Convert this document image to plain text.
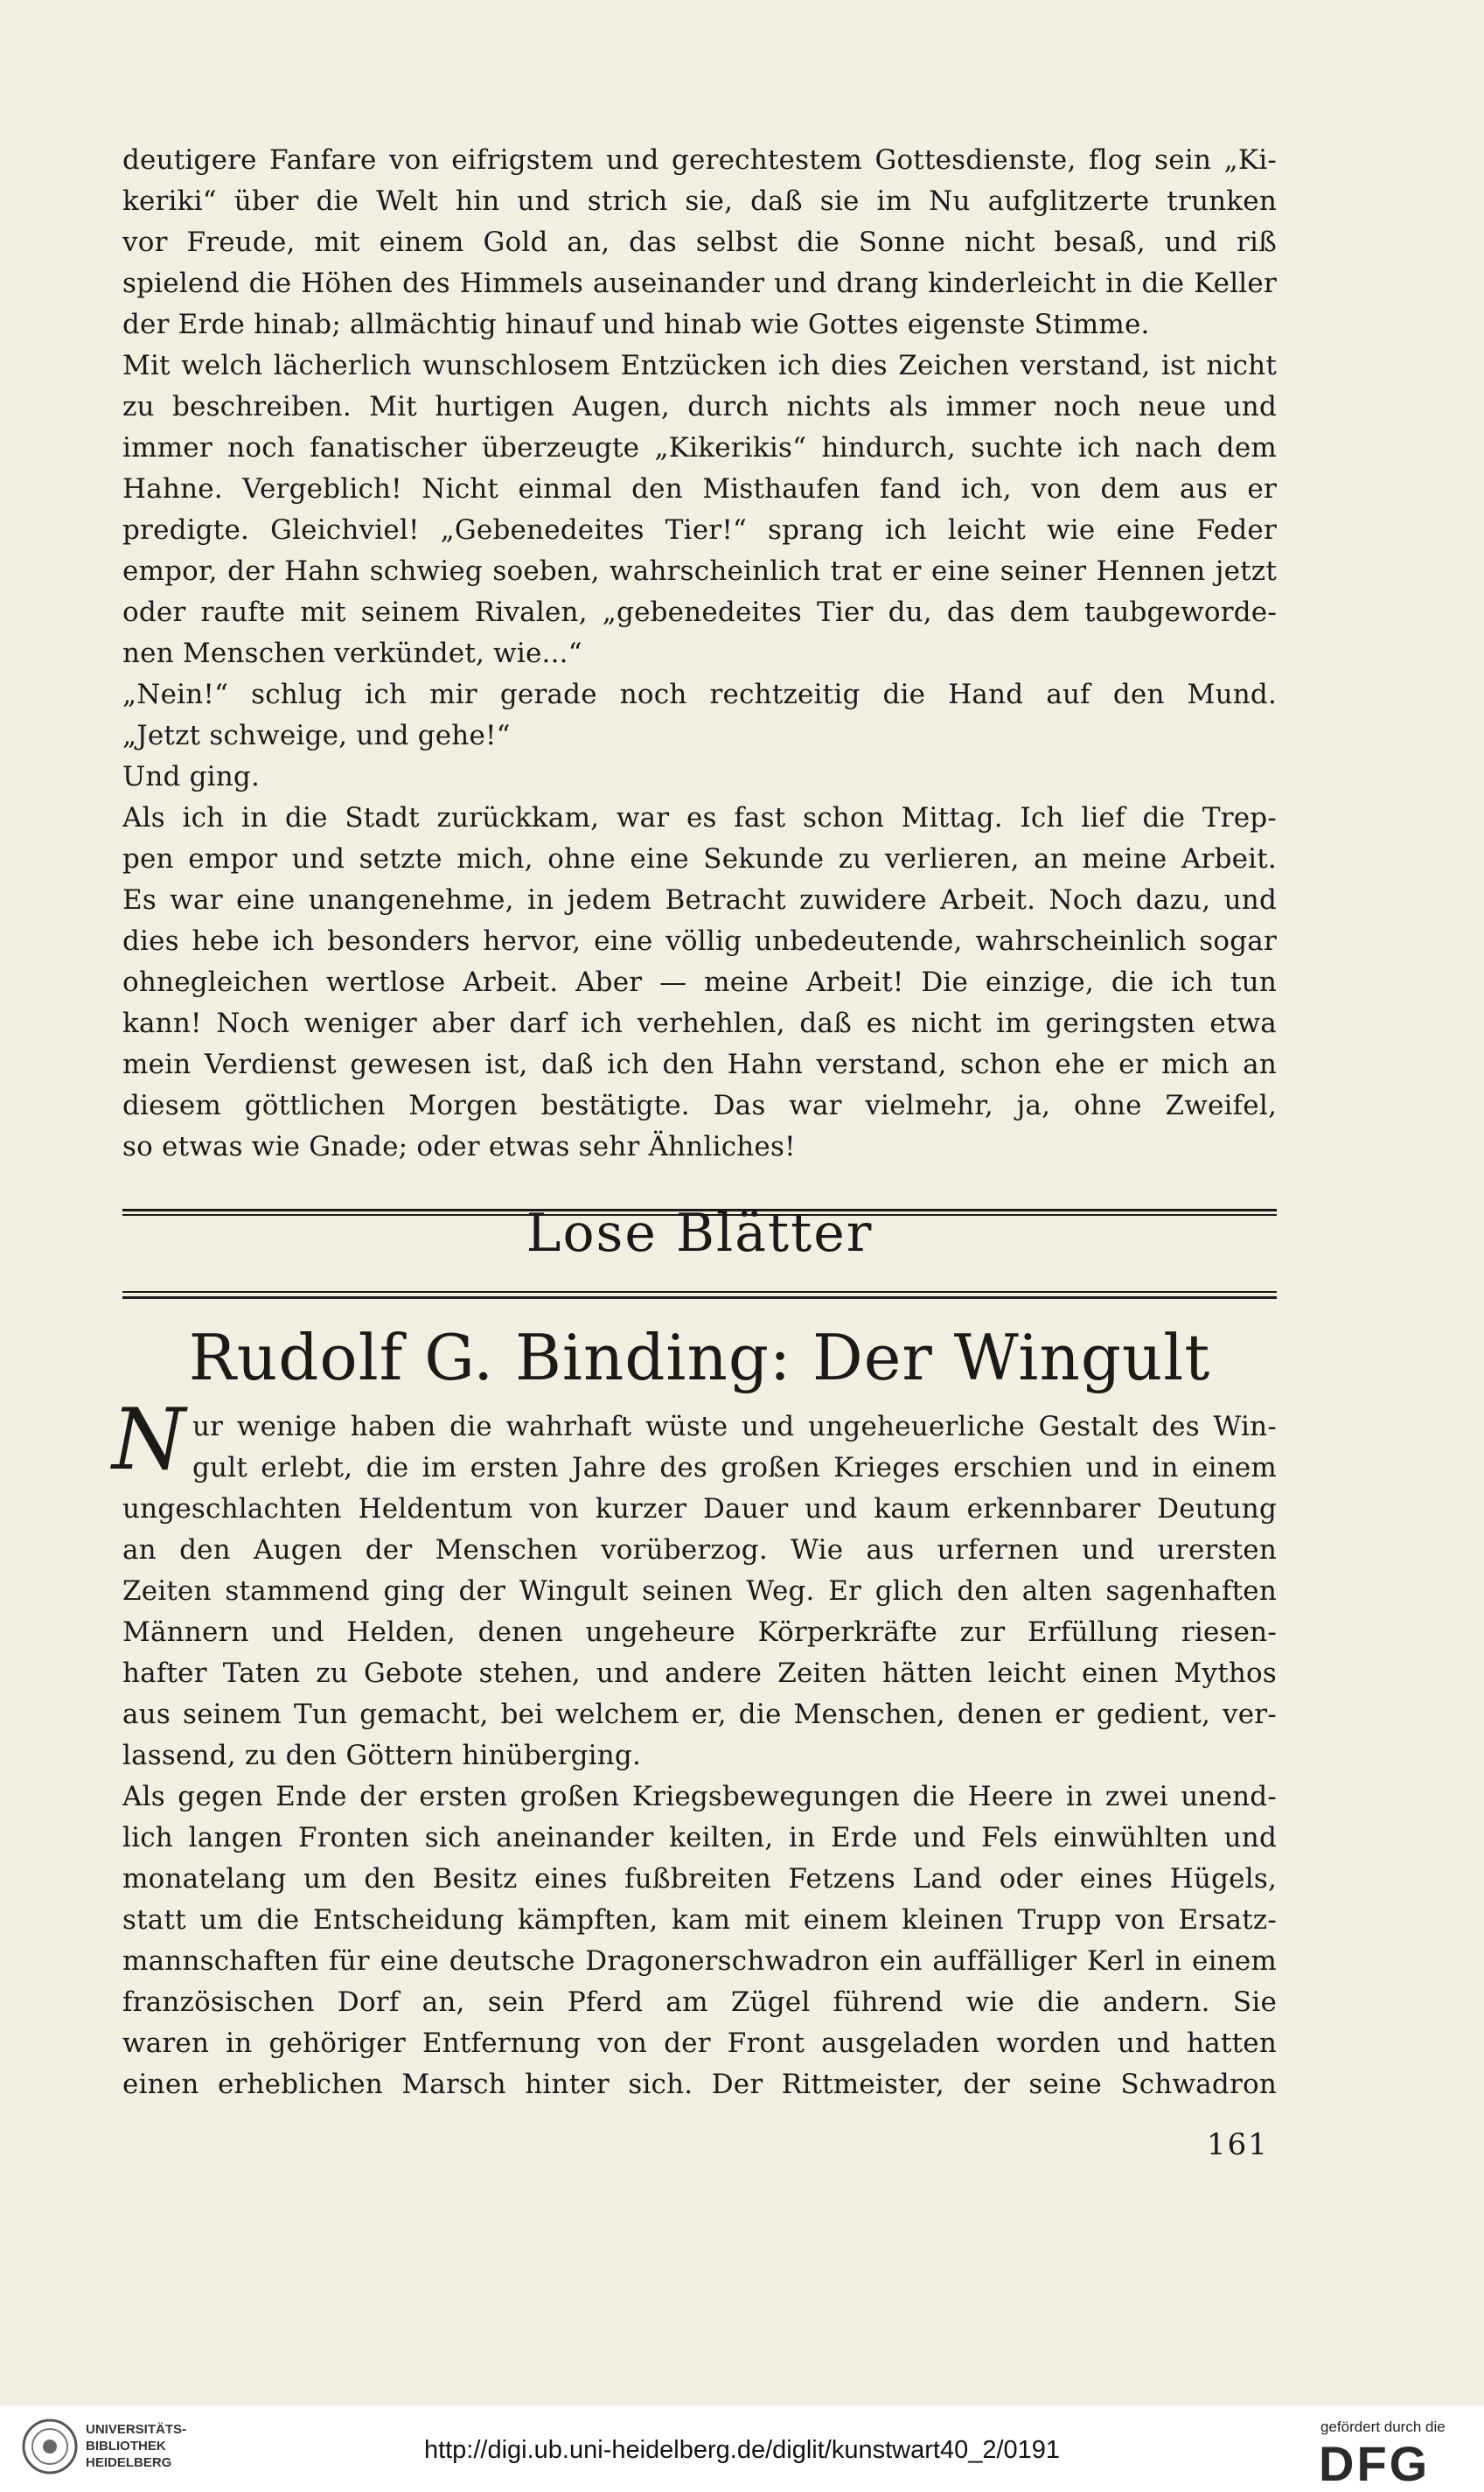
deutigere Fanfare von eifrigstem und gerechtestem Gottesdienste, flog sein „Ki-
keriki“ über die Welt hin und strich sie, daß sie im Nu aufglitzerte trunken
vor Freude, mit einem Gold an, das selbst die Sonne nicht besaß, und riß
spielend die Höhen des Himmels auseinander und drang kinderleicht in die Keller
der Erde hinab; allmächtig hinauf und hinab wie Gottes eigenste Stimme.
Mit welch lächerlich wunschlosem Entzücken ich dies Zeichen verstand, ist nicht
zu beschreiben. Mit hurtigen Augen, durch nichts als immer noch neue und
immer noch fanatischer überzeugte „Kikerikis“ hindurch, suchte ich nach dem
Hahne. Vergeblich! Nicht einmal den Misthaufen fand ich, von dem aus er
predigte. Gleichviel! „Gebenedeites Tier!“ sprang ich leicht wie eine Feder
empor, der Hahn schwieg soeben, wahrscheinlich trat er eine seiner Hennen jetzt
oder raufte mit seinem Rivalen, „gebenedeites Tier du, das dem taubgeworde-
nen Menschen verkündet, wie...“
„Nein!“ schlug ich mir gerade noch rechtzeitig die Hand auf den Mund.
„Jetzt schweige, und gehe!“
Und ging.
Als ich in die Stadt zurückkam, war es fast schon Mittag. Ich lief die Trep-
pen empor und setzte mich, ohne eine Sekunde zu verlieren, an meine Arbeit.
Es war eine unangenehme, in jedem Betracht zuwidere Arbeit. Noch dazu, und
dies hebe ich besonders hervor, eine völlig unbedeutende, wahrscheinlich sogar
ohnegleichen wertlose Arbeit. Aber — meine Arbeit! Die einzige, die ich tun
kann! Noch weniger aber darf ich verhehlen, daß es nicht im geringsten etwa
mein Verdienst gewesen ist, daß ich den Hahn verstand, schon ehe er mich an
diesem göttlichen Morgen bestätigte. Das war vielmehr, ja, ohne Zweifel,
so etwas wie Gnade; oder etwas sehr Ähnliches!
Lose Blätter
Rudolf G. Binding: Der Wingult
N ur wenige haben die wahrhaft wüste und ungeheuerliche Gestalt des Win-
gult erlebt, die im ersten Jahre des großen Krieges erschien und in einem
ungeschlachten Heldentum von kurzer Dauer und kaum erkennbarer Deutung
an den Augen der Menschen vorüberzog. Wie aus urfernen und urersten
Zeiten stammend ging der Wingult seinen Weg. Er glich den alten sagenhaften
Männern und Helden, denen ungeheure Körperkräfte zur Erfüllung riesen-
hafter Taten zu Gebote stehen, und andere Zeiten hätten leicht einen Mythos
aus seinem Tun gemacht, bei welchem er, die Menschen, denen er gedient, ver-
lassend, zu den Göttern hinüberging.
Als gegen Ende der ersten großen Kriegsbewegungen die Heere in zwei unend-
lich langen Fronten sich aneinander keilten, in Erde und Fels einwühlten und
monatelang um den Besitz eines fußbreiten Fetzens Land oder eines Hügels,
statt um die Entscheidung kämpften, kam mit einem kleinen Trupp von Ersatz-
mannschaften für eine deutsche Dragonerschwadron ein auffälliger Kerl in einem
französischen Dorf an, sein Pferd am Zügel führend wie die andern. Sie
waren in gehöriger Entfernung von der Front ausgeladen worden und hatten
einen erheblichen Marsch hinter sich. Der Rittmeister, der seine Schwadron
161
UNIVERSITÄTS-
BIBLIOTHEK
HEIDELBERG	http://digi.ub.uni-heidelberg.de/diglit/kunstwart40_2/0191
gefördert durch die
DFG
